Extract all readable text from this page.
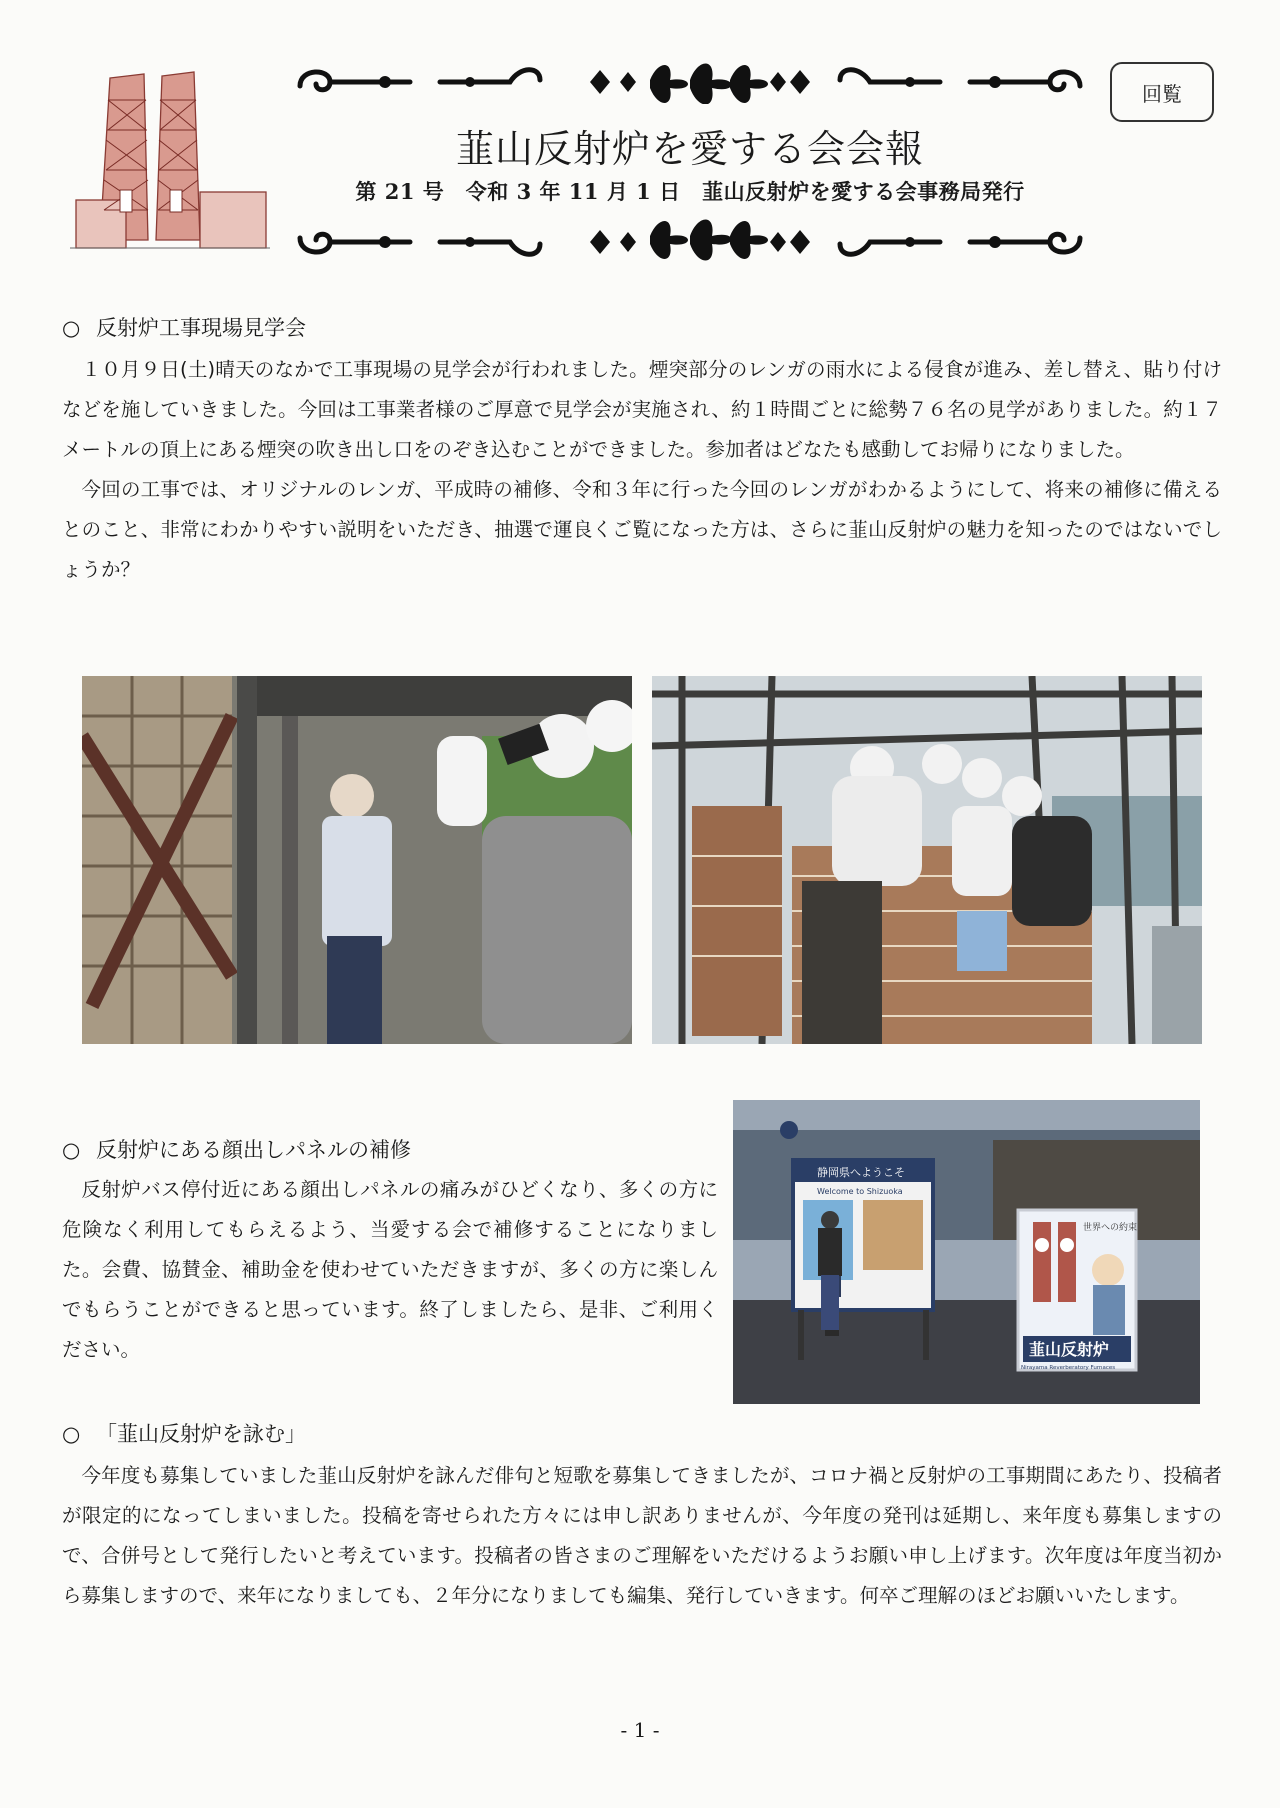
韮山反射炉を愛する会会報
第 21 号　令和 3 年 11 月 1 日　韮山反射炉を愛する会事務局発行
回覧
○ 反射炉工事現場見学会

１０月９日(土)晴天のなかで工事現場の見学会が行われました。煙突部分のレンガの雨水による侵食が進み、差し替え、貼り付けなどを施していきました。今回は工事業者様のご厚意で見学会が実施され、約１時間ごとに総勢７６名の見学がありました。約１７メートルの頂上にある煙突の吹き出し口をのぞき込むことができました。参加者はどなたも感動してお帰りになりました。

今回の工事では、オリジナルのレンガ、平成時の補修、令和３年に行った今回のレンガがわかるようにして、将来の補修に備えるとのこと、非常にわかりやすい説明をいただき、抽選で運良くご覧になった方は、さらに韮山反射炉の魅力を知ったのではないでしょうか？

○ 反射炉にある顔出しパネルの補修

反射炉バス停付近にある顔出しパネルの痛みがひどくなり、多くの方に危険なく利用してもらえるよう、当愛する会で補修することになりました。会費、協賛金、補助金を使わせていただきますが、多くの方に楽しんでもらうことができると思っています。終了しましたら、是非、ご利用ください。

静岡県へようこそ
Welcome to Shizuoka
世界への約束
韮山反射炉
Nirayama Reverberatory Furnaces
○ 「韮山反射炉を詠む」

今年度も募集していました韮山反射炉を詠んだ俳句と短歌を募集してきましたが、コロナ禍と反射炉の工事期間にあたり、投稿者が限定的になってしまいました。投稿を寄せられた方々には申し訳ありませんが、今年度の発刊は延期し、来年度も募集しますので、合併号として発行したいと考えています。投稿者の皆さまのご理解をいただけるようお願い申し上げます。次年度は年度当初から募集しますので、来年になりましても、２年分になりましても編集、発行していきます。何卒ご理解のほどお願いいたします。

- 1 -
